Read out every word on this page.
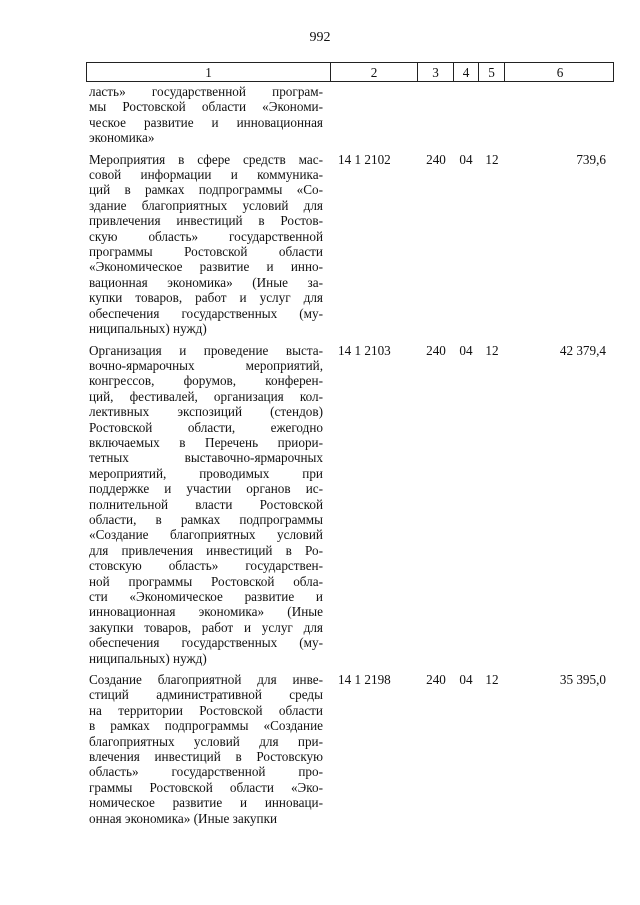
992
1	2	3	4	5	6
ласть» государственной програм-
мы Ростовской области «Экономи-
ческое развитие и инновационная
экономика»
Мероприятия в сфере средств мас-
совой информации и коммуника-
ций в рамках подпрограммы «Со-
здание благоприятных условий для
привлечения инвестиций в Ростов-
скую область» государственной
программы Ростовской области
«Экономическое развитие и инно-
вационная экономика» (Иные за-
купки товаров, работ и услуг для
обеспечения государственных (му-
ниципальных) нужд)
14 1 2102	240	04 12	739,6
Организация и проведение выста-
вочно-ярмарочных мероприятий,
конгрессов, форумов, конферен-
ций, фестивалей, организация кол-
лективных экспозиций (стендов)
Ростовской области, ежегодно
включаемых в Перечень приори-
тетных выставочно-ярмарочных
мероприятий, проводимых при
поддержке и участии органов ис-
полнительной власти Ростовской
области, в рамках подпрограммы
«Создание благоприятных условий
для привлечения инвестиций в Ро-
стовскую область» государствен-
ной программы Ростовской обла-
сти «Экономическое развитие и
инновационная экономика» (Иные
закупки товаров, работ и услуг для
обеспечения государственных (му-
ниципальных) нужд)
14 1 2103	240	04 12	42 379,4
Создание благоприятной для инве-
стиций административной среды
на территории Ростовской области
в рамках подпрограммы «Создание
благоприятных условий для при-
влечения инвестиций в Ростовскую
область» государственной про-
граммы Ростовской области «Эко-
номическое развитие и инноваци-
онная экономика» (Иные закупки
14 1 2198	240	04 12	35 395,0
